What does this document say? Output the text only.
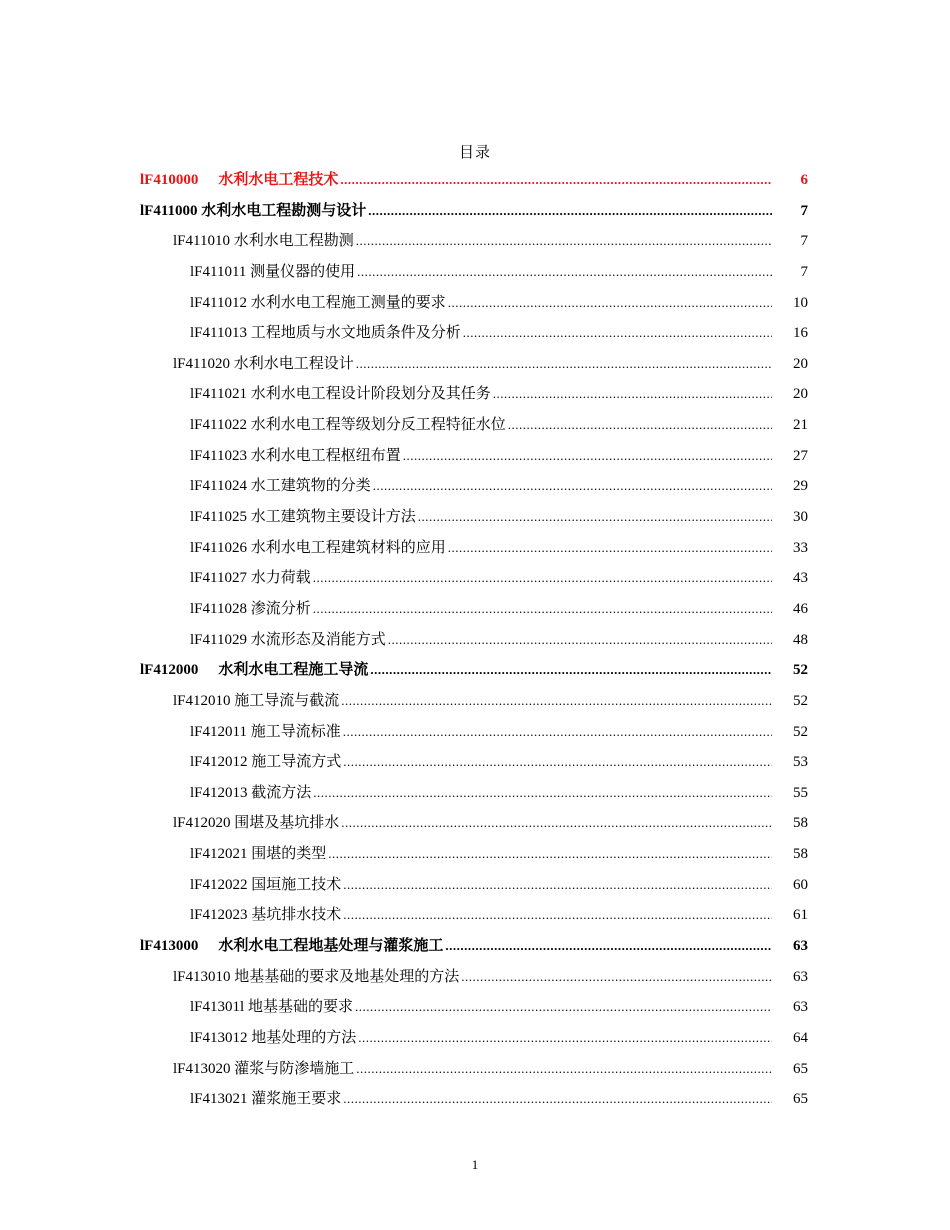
目录
lF410000 水利水电工程技术 .....	6
lF411000 水利水电工程勘测与设计 .....	7
lF411010 水利水电工程勘测 .....	7
lF411011 测量仪器的使用 .....	7
lF411012 水利水电工程施工测量的要求 .....	10
lF411013 工程地质与水文地质条件及分析 .....	16
lF411020 水利水电工程设计 .....	20
lF411021 水利水电工程设计阶段划分及其任务 .....	20
lF411022 水利水电工程等级划分反工程特征水位 .....	21
lF411023 水利水电工程枢纽布置 .....	27
lF411024 水工建筑物的分类 .....	29
lF411025 水工建筑物主要设计方法 .....	30
lF411026 水利水电工程建筑材料的应用 .....	33
lF411027 水力荷载 .....	43
lF411028 渗流分析 .....	46
lF411029 水流形态及消能方式 .....	48
lF412000 水利水电工程施工导流 .....	52
lF412010 施工导流与截流 .....	52
lF412011 施工导流标准 .....	52
lF412012 施工导流方式 .....	53
lF412013 截流方法 .....	55
lF412020 围堪及基坑排水 .....	58
lF412021 围堪的类型 .....	58
lF412022 国垣施工技术 .....	60
lF412023 基坑排水技术 .....	61
lF413000 水利水电工程地基处理与灌浆施工 .....	63
lF413010 地基基础的要求及地基处理的方法 .....	63
lF41301l 地基基础的要求 .....	63
lF413012 地基处理的方法 .....	64
lF413020 灌浆与防渗墙施工 .....	65
lF413021 灌浆施王要求 .....	65
1
